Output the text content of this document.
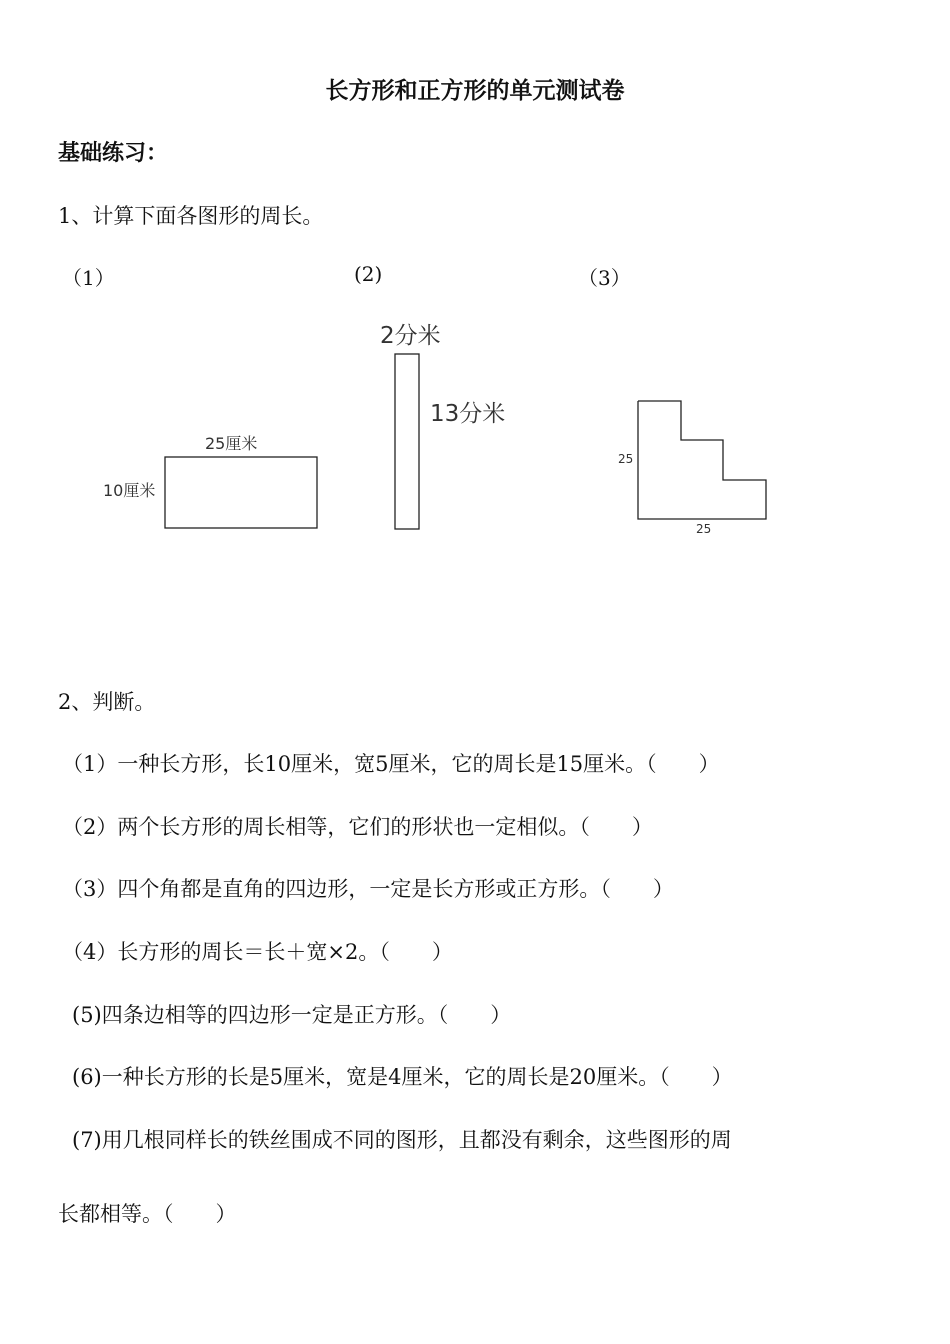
长方形和正方形的单元测试卷
基础练习：
1、计算下面各图形的周长。
（1）	(2)	（3）
25厘米
10厘米
2分米
13分米
25
25
2、判断。
（1）一种长方形，长10厘米，宽5厘米，它的周长是15厘米。（　　）
（2）两个长方形的周长相等，它们的形状也一定相似。（　　）
（3）四个角都是直角的四边形，一定是长方形或正方形。（　　）
（4）长方形的周长＝长＋宽×2。（　　）
(5)四条边相等的四边形一定是正方形。（　　）
(6)一种长方形的长是5厘米，宽是4厘米，它的周长是20厘米。（　　）
(7)用几根同样长的铁丝围成不同的图形，且都没有剩余，这些图形的周
长都相等。（　　）
